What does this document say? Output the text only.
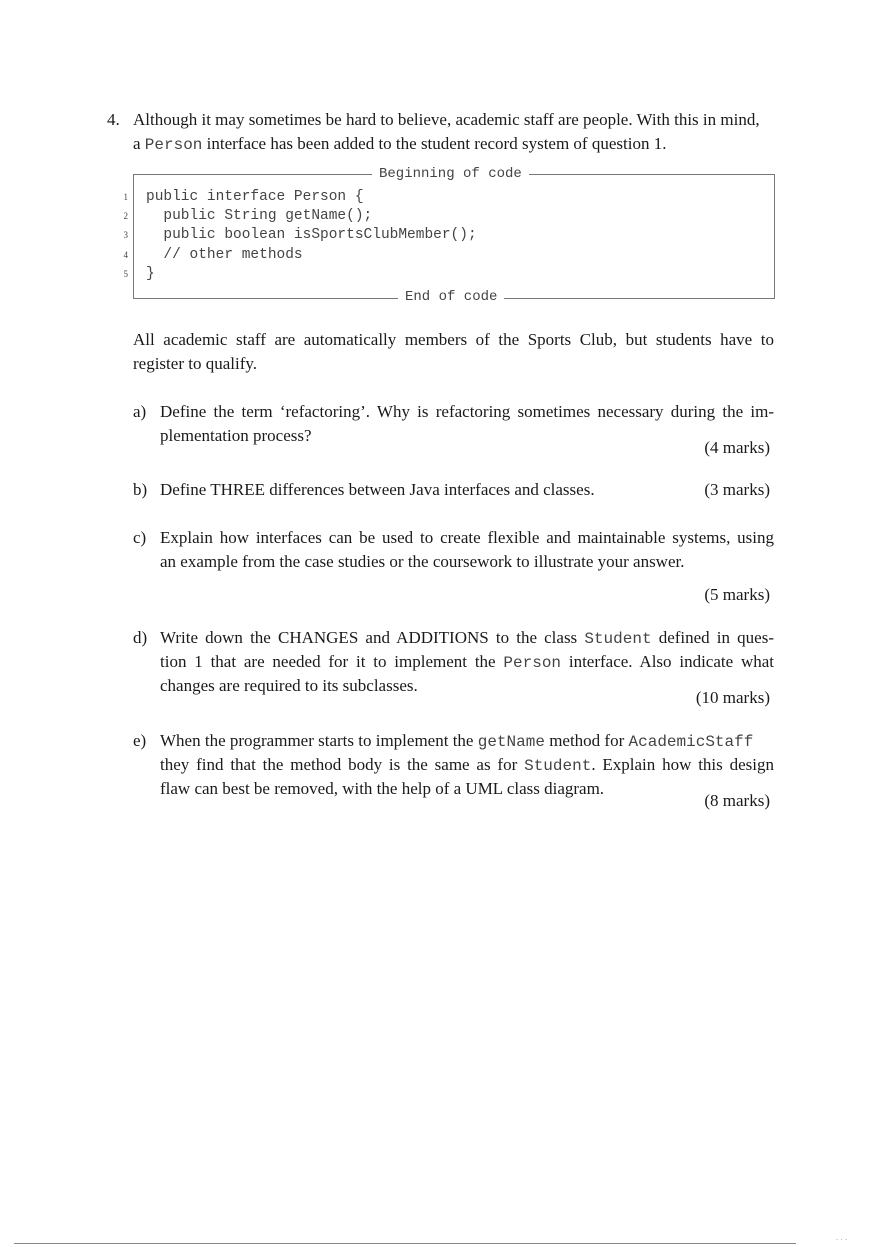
4. Although it may sometimes be hard to believe, academic staff are people. With this in mind,

a Person interface has been added to the student record system of question 1.

Beginning of code
End of code
1 public interface Person {
2 public String getName();
3 public boolean isSportsClubMember();
4 // other methods
5 }

All academic staff are automatically members of the Sports Club, but students have to

register to qualify.

a) Define the term ‘refactoring’. Why is refactoring sometimes necessary during the im-

plementation process?

(4 marks)
b) Define THREE differences between Java interfaces and classes.	(3 marks)
c) Explain how interfaces can be used to create flexible and maintainable systems, using

an example from the case studies or the coursework to illustrate your answer.

(5 marks)
d) Write down the CHANGES and ADDITIONS to the class Student defined in ques-

tion 1 that are needed for it to implement the Person interface. Also indicate what

changes are required to its subclasses.

(10 marks)
e) When the programmer starts to implement the getName method for AcademicStaff

they find that the method body is the same as for Student. Explain how this design

flaw can best be removed, with the help of a UML class diagram.

(8 marks)
· · ·
